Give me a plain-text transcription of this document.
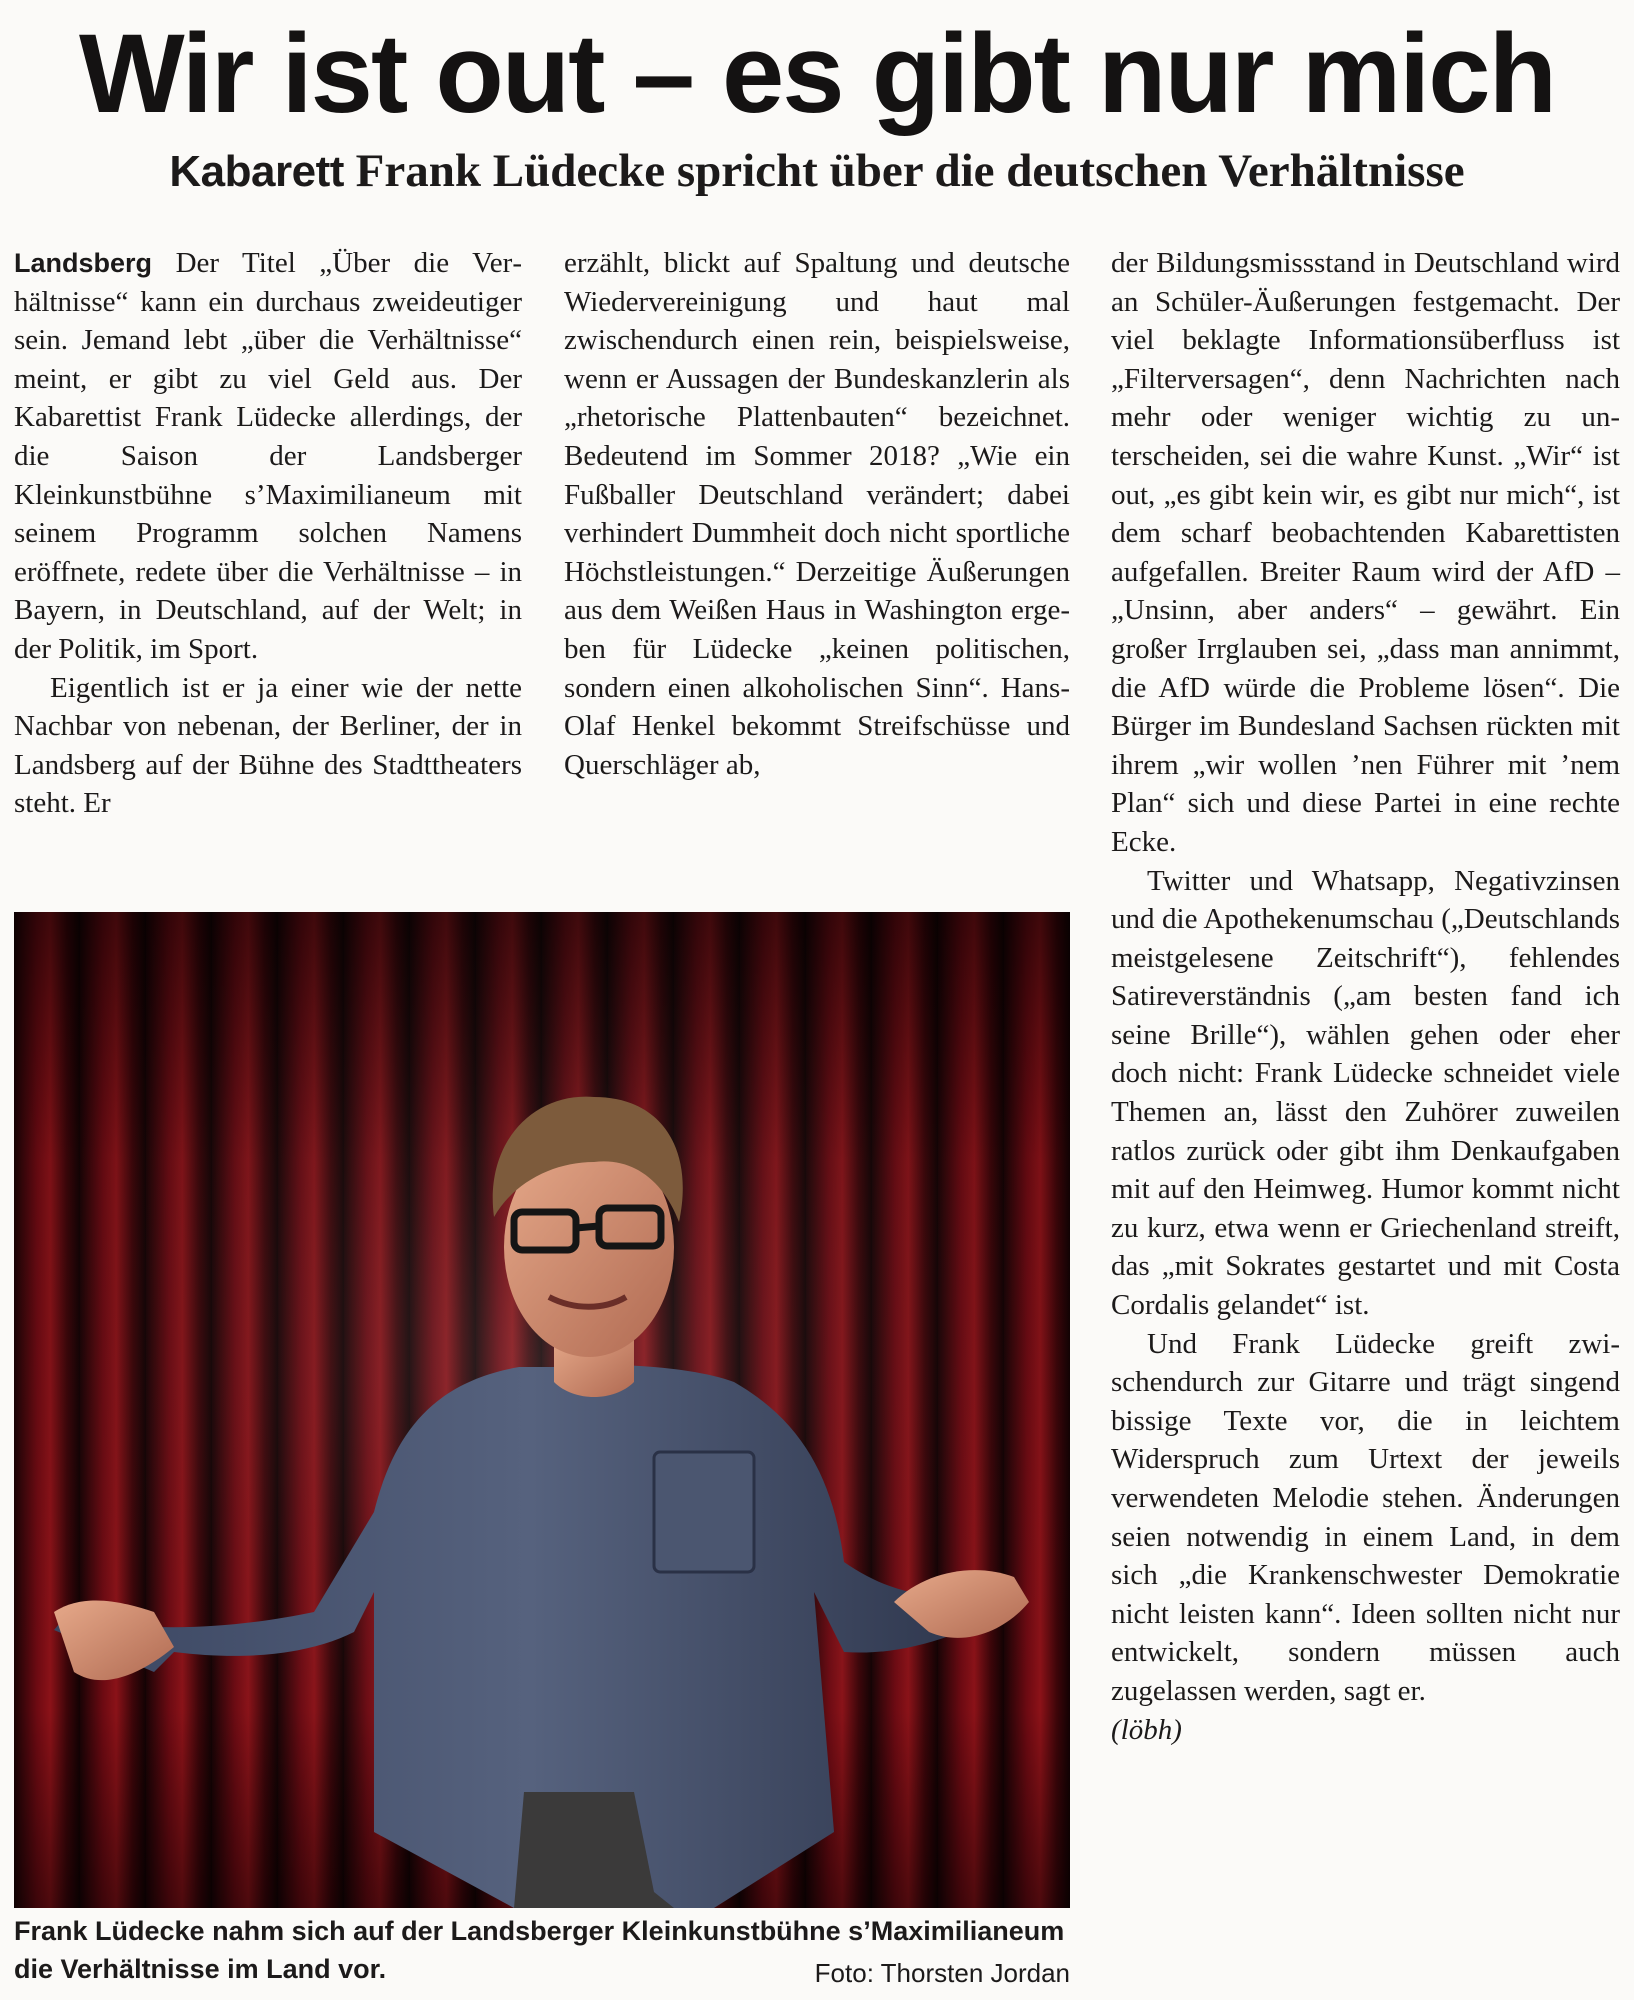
Wir ist out – es gibt nur mich
Kabarett Frank Lüdecke spricht über die deutschen Verhältnisse

Landsberg Der Titel „Über die Verhältnisse“ kann ein durchaus zweideutiger sein. Jemand lebt „über die Verhältnisse“ meint, er gibt zu viel Geld aus. Der Kabarettist Frank Lüdecke allerdings, der die Saison der Landsberger Kleinkunstbühne s’Maximilianeum mit seinem Programm solchen Namens eröffnete, redete über die Verhältnisse – in Bayern, in Deutschland, auf der Welt; in der Politik, im Sport.

Eigentlich ist er ja einer wie der nette Nachbar von nebenan, der Berliner, der in Landsberg auf der Bühne des Stadttheaters steht. Er

erzählt, blickt auf Spaltung und deutsche Wiedervereinigung und haut mal zwischendurch einen rein, beispielsweise, wenn er Aussagen der Bundeskanzlerin als „rhetorische Plattenbauten“ bezeichnet. Bedeutend im Sommer 2018? „Wie ein Fußballer Deutschland verändert; dabei verhindert Dummheit doch nicht sportliche Höchstleistungen.“ Derzeitige Äußerungen aus dem Weißen Haus in Washington ergeben für Lüdecke „keinen politischen, sondern einen alkoholischen Sinn“. Hans-Olaf Henkel bekommt Streifschüsse und Querschläger ab,

der Bildungsmissstand in Deutschland wird an Schüler-Äußerungen festgemacht. Der viel beklagte Informationsüberfluss ist „Filterversagen“, denn Nachrichten nach mehr oder weniger wichtig zu unterscheiden, sei die wahre Kunst. „Wir“ ist out, „es gibt kein wir, es gibt nur mich“, ist dem scharf beobachtenden Kabarettisten aufgefallen. Breiter Raum wird der AfD – „Unsinn, aber anders“ – gewährt. Ein großer Irrglauben sei, „dass man annimmt, die AfD würde die Probleme lösen“. Die Bürger im Bundesland Sachsen rückten mit ihrem „wir wollen ’nen Führer mit ’nem Plan“ sich und diese Partei in eine rechte Ecke.

Twitter und Whatsapp, Negativzinsen und die Apothekenumschau („Deutschlands meistgelesene Zeitschrift“), fehlendes Satireverständnis („am besten fand ich seine Brille“), wählen gehen oder eher doch nicht: Frank Lüdecke schneidet viele Themen an, lässt den Zuhörer zuweilen ratlos zurück oder gibt ihm Denkaufgaben mit auf den Heimweg. Humor kommt nicht zu kurz, etwa wenn er Griechenland streift, das „mit Sokrates gestartet und mit Costa Cordalis gelandet“ ist.

Und Frank Lüdecke greift zwischendurch zur Gitarre und trägt singend bissige Texte vor, die in leichtem Widerspruch zum Urtext der jeweils verwendeten Melodie stehen. Änderungen seien notwendig in einem Land, in dem sich „die Krankenschwester Demokratie nicht leisten kann“. Ideen sollten nicht nur entwickelt, sondern müssen auch zugelassen werden, sagt er.
(löbh)

Frank Lüdecke nahm sich auf der Landsberger Kleinkunstbühne s’Maximilianeum die Verhältnisse im Land vor.	Foto: Thorsten Jordan
